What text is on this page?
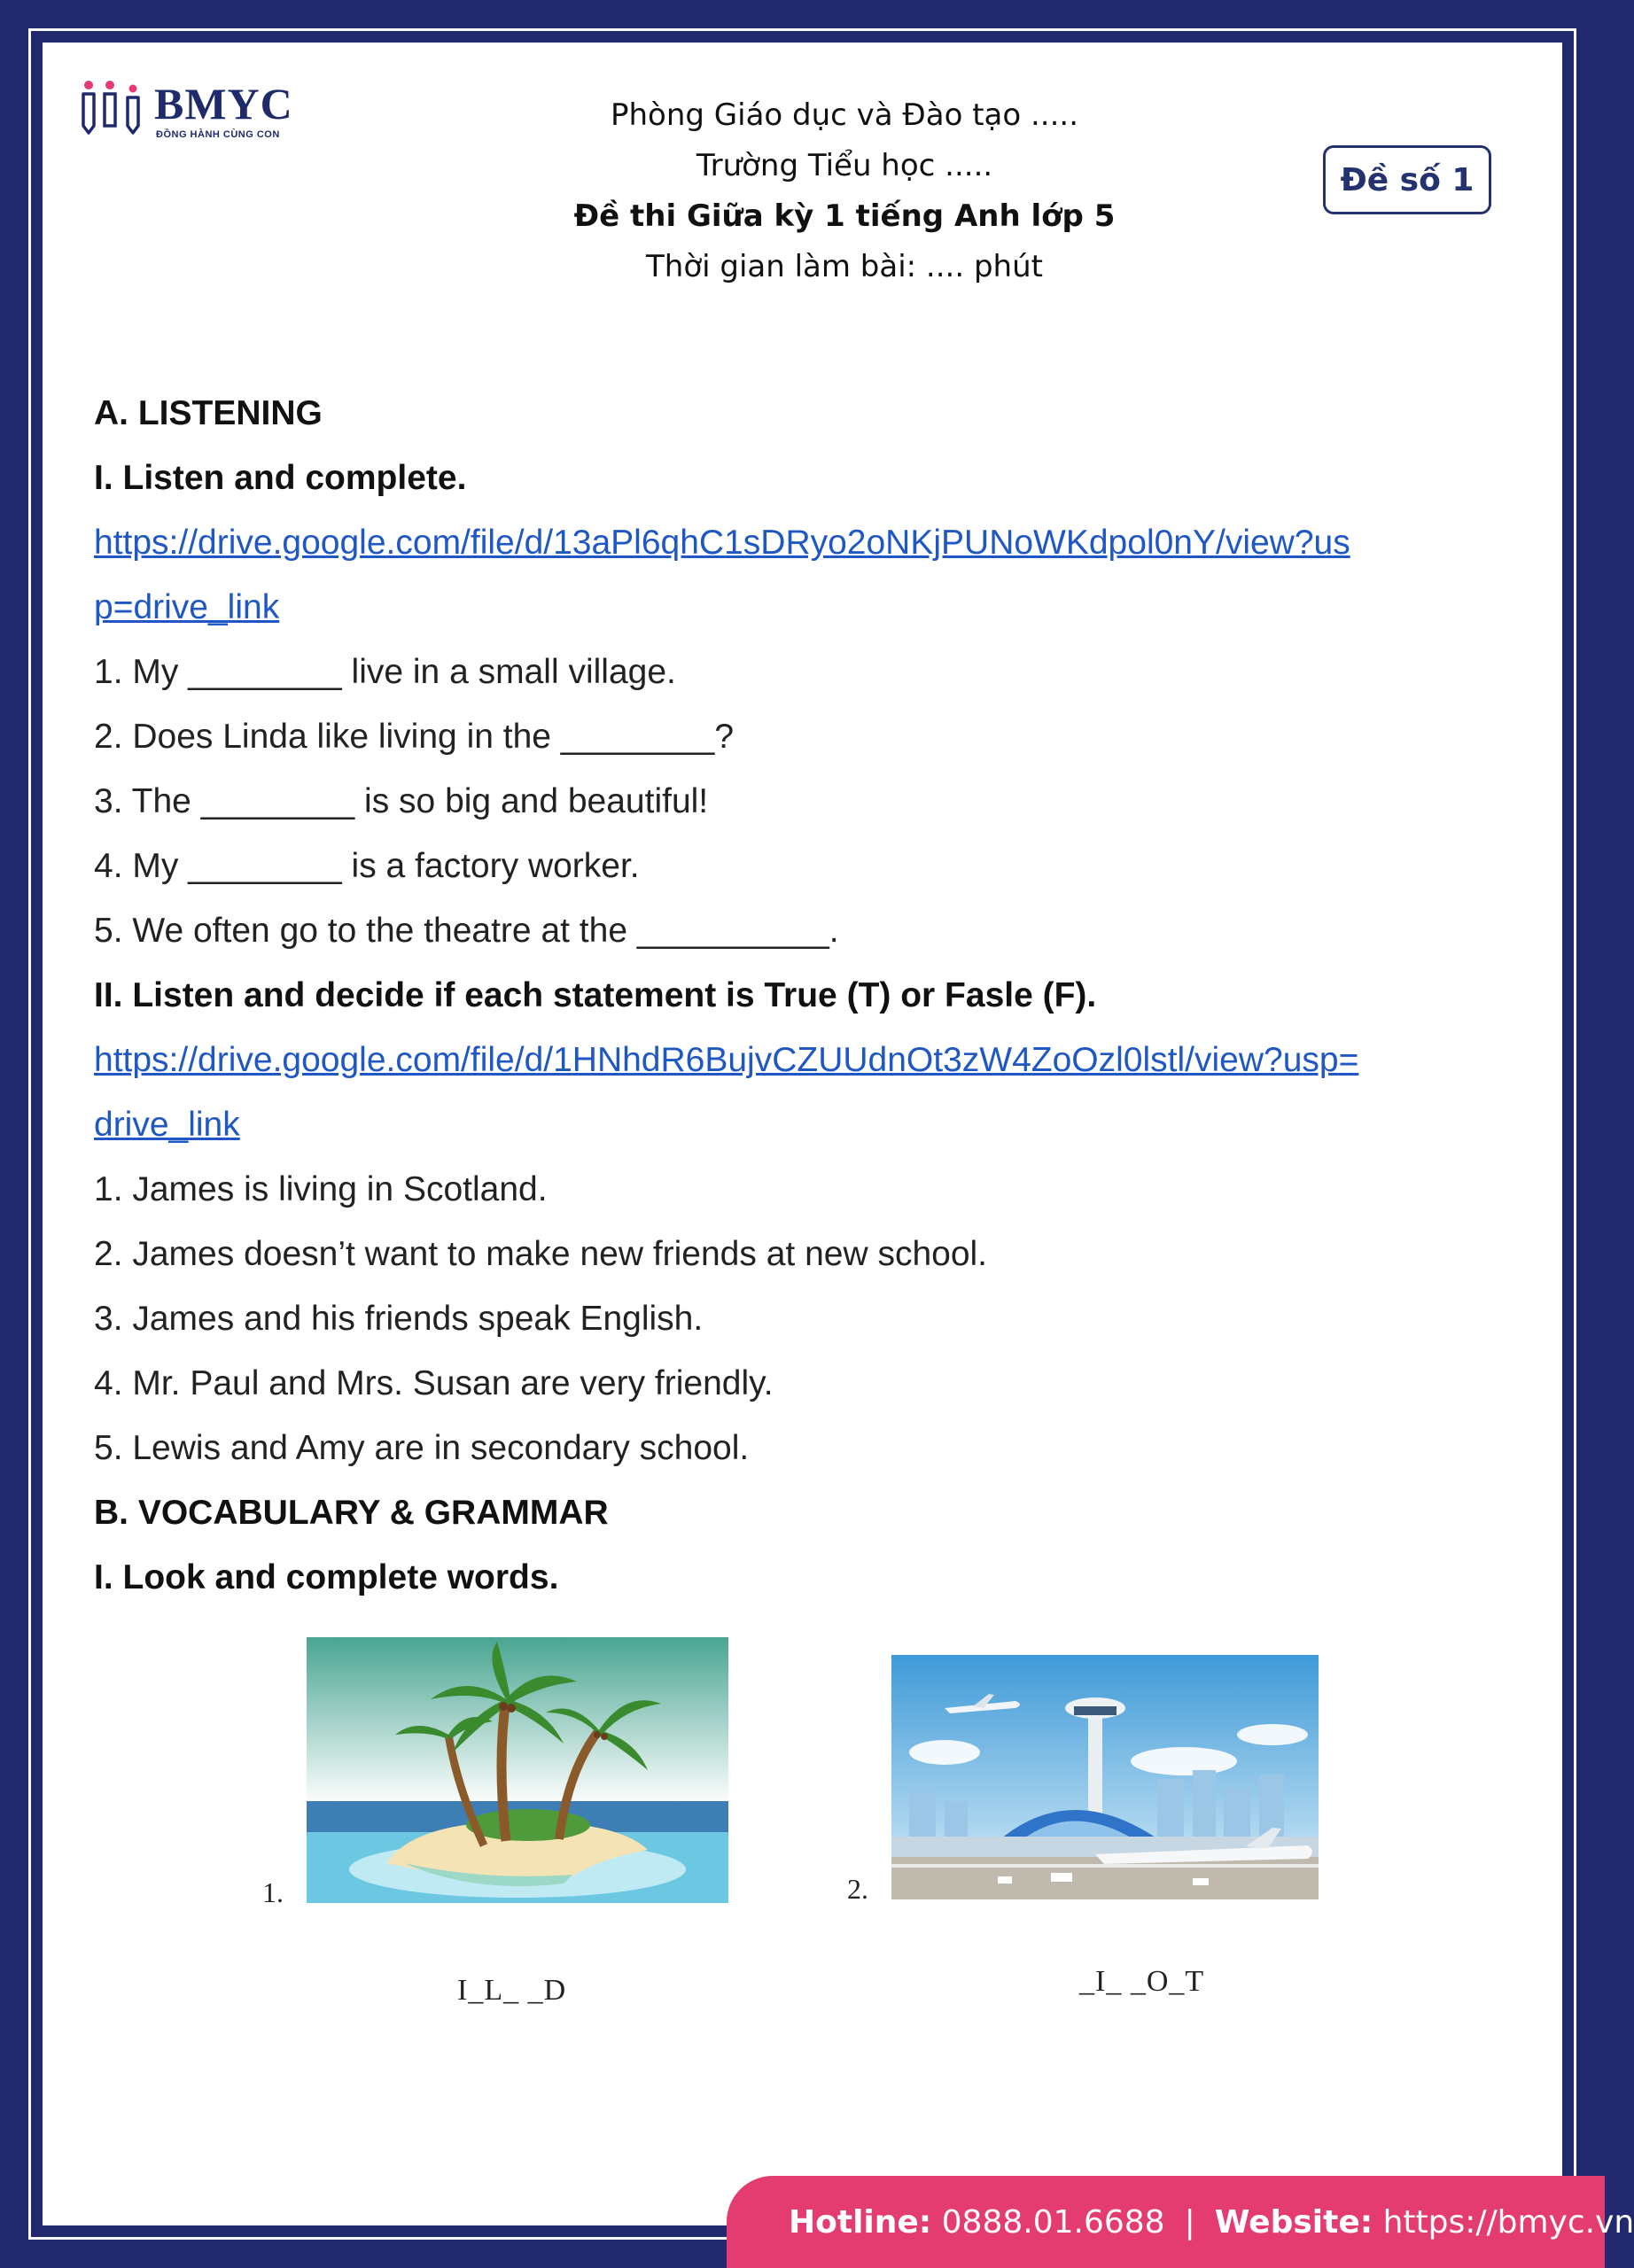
BMYC
ĐỒNG HÀNH CÙNG CON
Phòng Giáo dục và Đào tạo .....
Trường Tiểu học .....
Đề thi Giữa kỳ 1 tiếng Anh lớp 5
Thời gian làm bài: .... phút
Đề số 1
A. LISTENING
I. Listen and complete.
https://drive.google.com/file/d/13aPl6qhC1sDRyo2oNKjPUNoWKdpol0nY/view?us
p=drive_link
1. My ________ live in a small village.
2. Does Linda like living in the ________?
3. The ________ is so big and beautiful!
4. My ________ is a factory worker.
5. We often go to the theatre at the __________.
II. Listen and decide if each statement is True (T) or Fasle (F).
https://drive.google.com/file/d/1HNhdR6BujvCZUUdnOt3zW4ZoOzl0lstl/view?usp=
drive_link
1. James is living in Scotland.
2. James doesn’t want to make new friends at new school.
3. James and his friends speak English.
4. Mr. Paul and Mrs. Susan are very friendly.
5. Lewis and Amy are in secondary school.
B. VOCABULARY & GRAMMAR
I. Look and complete words.
1.
I_L_ _D
2.
_I_ _O_T
Hotline:
0888.01.6688 | Website:
https://bmyc.vn
